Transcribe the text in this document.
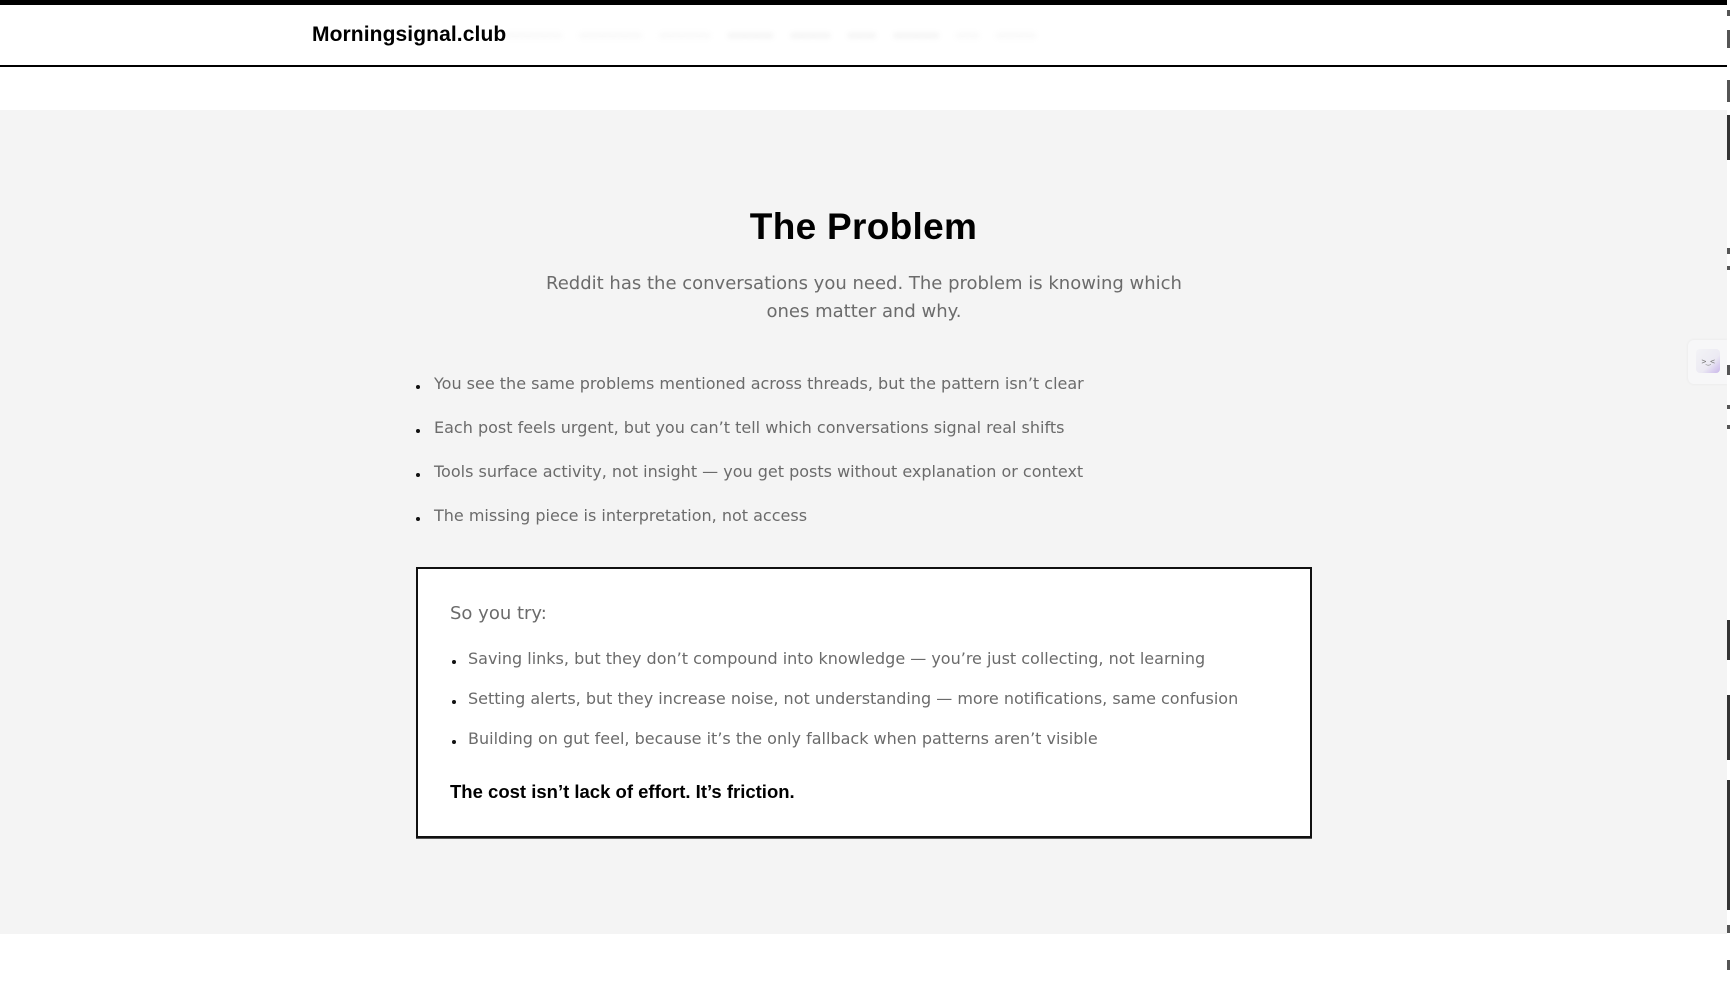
Morningsignal.club
·········· ··········· ········· ········ ······· ····· ········ ···· ·······
The Problem

Reddit has the conversations you need. The problem is knowing which ones matter and why.

You see the same problems mentioned across threads, but the pattern isn’t clear
Each post feels urgent, but you can’t tell which conversations signal real shifts
Tools surface activity, not insight — you get posts without explanation or context
The missing piece is interpretation, not access
So you try:
Saving links, but they don’t compound into knowledge — you’re just collecting, not learning
Setting alerts, but they increase noise, not understanding — more notifications, same confusion
Building on gut feel, because it’s the only fallback when patterns aren’t visible
The cost isn’t lack of effort. It’s friction.
>‿<
